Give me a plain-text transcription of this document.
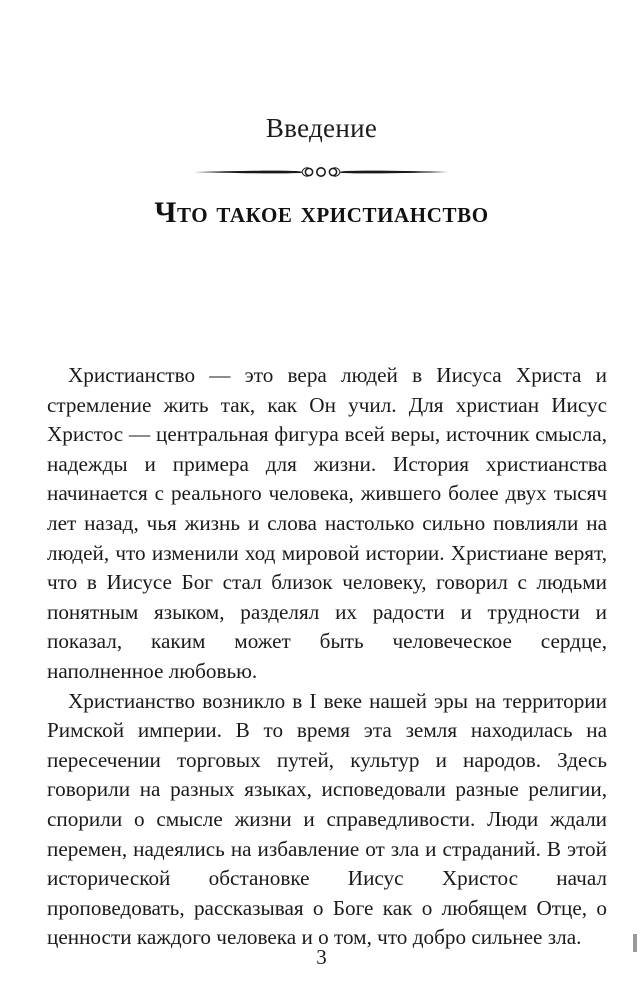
Введение
Что такое христианство

Христианство — это вера людей в Иисуса Христа и стремление жить так, как Он учил. Для христиан Иисус Христос — центральная фигура всей веры, источник смысла, надежды и примера для жизни. История христианства начинается с реального человека, жившего более двух тысяч лет назад, чья жизнь и слова настолько сильно повлияли на людей, что изменили ход мировой истории. Христиане верят, что в Иисусе Бог стал близок человеку, говорил с людьми понятным языком, разделял их радости и трудности и показал, каким может быть человеческое сердце, наполненное любовью.

Христианство возникло в I веке нашей эры на территории Римской империи. В то время эта земля находилась на пересечении торговых путей, культур и народов. Здесь говорили на разных языках, исповедовали разные религии, спорили о смысле жизни и справедливости. Люди ждали перемен, надеялись на избавление от зла и страданий. В этой исторической обстановке Иисус Христос начал проповедовать, рассказывая о Боге как о любящем Отце, о ценности каждого человека и о том, что добро сильнее зла.

3
